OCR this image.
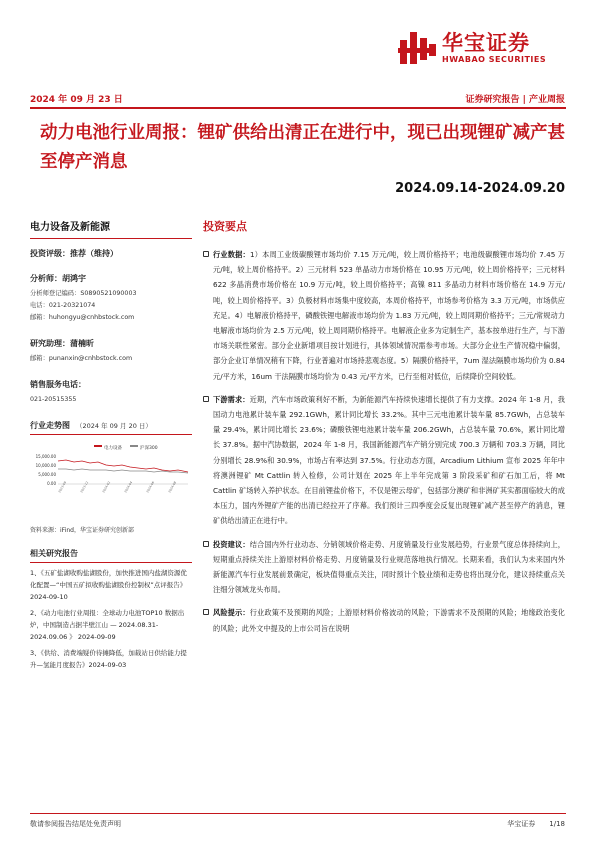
华宝证券
HWABAO SECURITIES
2024 年 09 月 23 日	证券研究报告 | 产业周报
动力电池行业周报：锂矿供给出清正在进行中，现已出现锂矿减产甚至停产消息
2024.09.14-2024.09.20
电力设备及新能源
投资评级：推荐（维持）
分析师：胡鸿宇
分析师登记编码：S0890521090003
电话：021-20321074
邮箱：huhongyu@cnhbstock.com
研究助理：蒲楠昕
邮箱：punanxin@cnhbstock.com
销售服务电话：
021-20515355
行业走势图 （2024 年 09 月 20 日）
电力设备	沪深300
15,000.00
10,000.00
5,000.00
0.00 2023-09	2023-12	2024-02	2024-04	2024-06	2024-08
资料来源：iFind，华宝证券研究创新部
相关研究报告
1、《五矿盐湖收购盐湖股份，加快推进国内盐湖资源优化配置—“中国五矿拟收购盐湖股份控制权”点评报告》2024-09-10
2、《动力电池行业周报：全球动力电池TOP10 数据出炉，中国制造占据半壁江山 — 2024.08.31-2024.09.06 》 2024-09-09
3、《供给、消费端疑价待摊降低，加载站日供给能力提升—氢能月度报告》2024-09-03
投资要点
行业数据：1）本周工业级碳酸锂市场均价 7.15 万元/吨，较上周价格持平；电池级碳酸锂市场均价 7.45 万元/吨，较上周价格持平。2）三元材料 523 单晶动力市场价格在 10.95 万元/吨，较上周价格持平；三元材料 622 多晶消费市场价格在 10.9 万元/吨，较上周价格持平；高镍 811 多晶动力材料市场价格在 14.9 万元/吨，较上周价格持平。3）负极材料市场集中度较高，本周价格持平，市场参考价格为 3.3 万元/吨，市场供应充足。4）电解液价格持平，磷酸铁锂电解液市场均价为 1.83 万元/吨，较上周同期价格持平；三元/常规动力电解液市场均价为 2.5 万元/吨，较上周同期价格持平。电解液企业多为定制生产，基本按单进行生产，与下游市场关联性紧密。部分企业新增项目按计划进行，具体领域情况需参考市场。大部分企业生产情况稳中偏弱，部分企业订单情况稍有下降，行业普遍对市场持悲观态度。5）隔膜价格持平，7um 湿法隔膜市场均价为 0.84 元/平方米，16um 干法隔膜市场均价为 0.43 元/平方米，已行至相对低位，后续降价空间较低。
下游需求：近期，汽车市场政策利好不断，为新能源汽车持续快速增长提供了有力支撑。2024 年 1-8 月，我国动力电池累计装车量 292.1GWh，累计同比增长 33.2%。其中三元电池累计装车量 85.7GWh，占总装车量 29.4%，累计同比增长 23.6%；磷酸铁锂电池累计装车量 206.2GWh，占总装车量 70.6%，累计同比增长 37.8%。据中汽协数据，2024 年 1-8 月，我国新能源汽车产销分别完成 700.3 万辆和 703.3 万辆，同比分别增长 28.9%和 30.9%，市场占有率达到 37.5%。行业动态方面，Arcadium Lithium 宣布 2025 年年中将澳洲锂矿 Mt Cattlin 转入检修，公司计划在 2025 年上半年完成第 3 阶段采矿和矿石加工后，将 Mt Cattlin 矿场转入养护状态。在目前锂盐价格下，不仅是锂云母矿，包括部分澳矿和非洲矿其实都面临较大的成本压力，国内外锂矿产能的出清已经拉开了序幕。我们预计三四季度会反复出现锂矿减产甚至停产的消息，锂矿供给出清正在进行中。
投资建议：结合国内外行业动态、分销领域价格走势、月度销量及行业发展趋势，行业景气度总体持续向上，短期重点持续关注上游原材料价格走势、月度销量及行业规范落地执行情况。长期来看，我们认为未来国内外新能源汽车行业发展前景确定，板块值得重点关注，同时预计个股业绩和走势也将出现分化，建议持续重点关注细分领域龙头布局。
风险提示：行业政策不及预期的风险；上游原材料价格波动的风险；下游需求不及预期的风险；地缘政治变化的风险；此外文中提及的上市公司旨在说明
敬请参阅报告结尾处免责声明	华宝证券　　1/18
